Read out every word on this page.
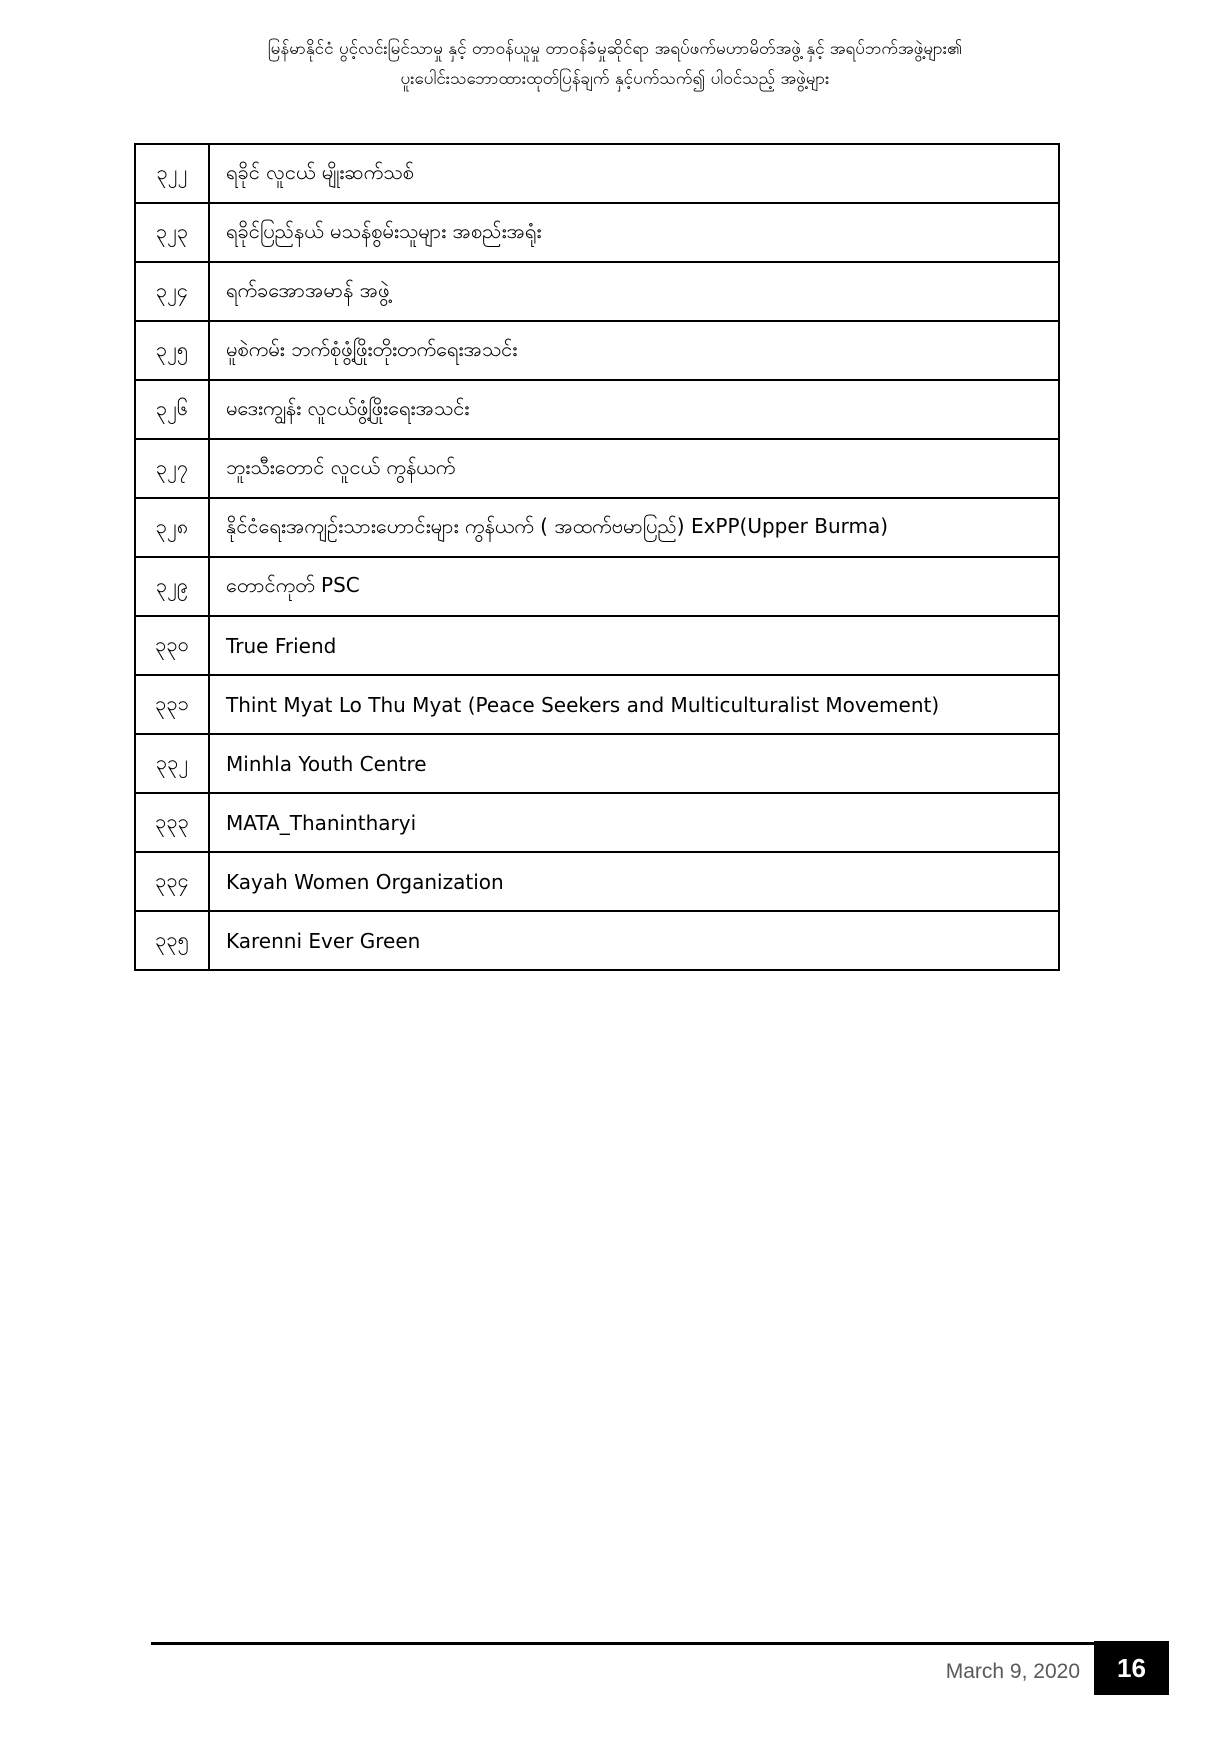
မြန်မာနိုင်ငံ ပွင့်လင်းမြင်သာမှု နှင့် တာဝန်ယူမှု တာဝန်ခံမှုဆိုင်ရာ အရပ်ဖက်မဟာမိတ်အဖွဲ့ နှင့် အရပ်ဘက်အဖွဲ့များ၏
ပူးပေါင်းသဘောထားထုတ်ပြန်ချက် နှင့်ပက်သက်၍ ပါဝင်သည့် အဖွဲ့များ
၃၂၂	ရခိုင် လူငယ် မျိုးဆက်သစ်
၃၂၃	ရခိုင်ပြည်နယ် မသန်စွမ်းသူများ အစည်းအရုံး
၃၂၄	ရက်ခအောအမာန် အဖွဲ့
၃၂၅	မူစဲကမ်း ဘက်စုံဖွံ့ဖြိုးတိုးတက်ရေးအသင်း
၃၂၆	မဒေးကျွန်း လူငယ်ဖွံ့ဖြိုးရေးအသင်း
၃၂၇	ဘူးသီးတောင် လူငယ် ကွန်ယက်
၃၂၈	နိုင်ငံရေးအကျဉ်းသားဟောင်းများ ကွန်ယက် ( အထက်ဗမာပြည်) ExPP(Upper Burma)
၃၂၉	တောင်ကုတ် PSC
၃၃၀	True Friend
၃၃၁	Thint Myat Lo Thu Myat (Peace Seekers and Multiculturalist Movement)
၃၃၂	Minhla Youth Centre
၃၃၃	MATA_Thanintharyi
၃၃၄	Kayah Women Organization
၃၃၅	Karenni Ever Green
March 9, 2020	16
